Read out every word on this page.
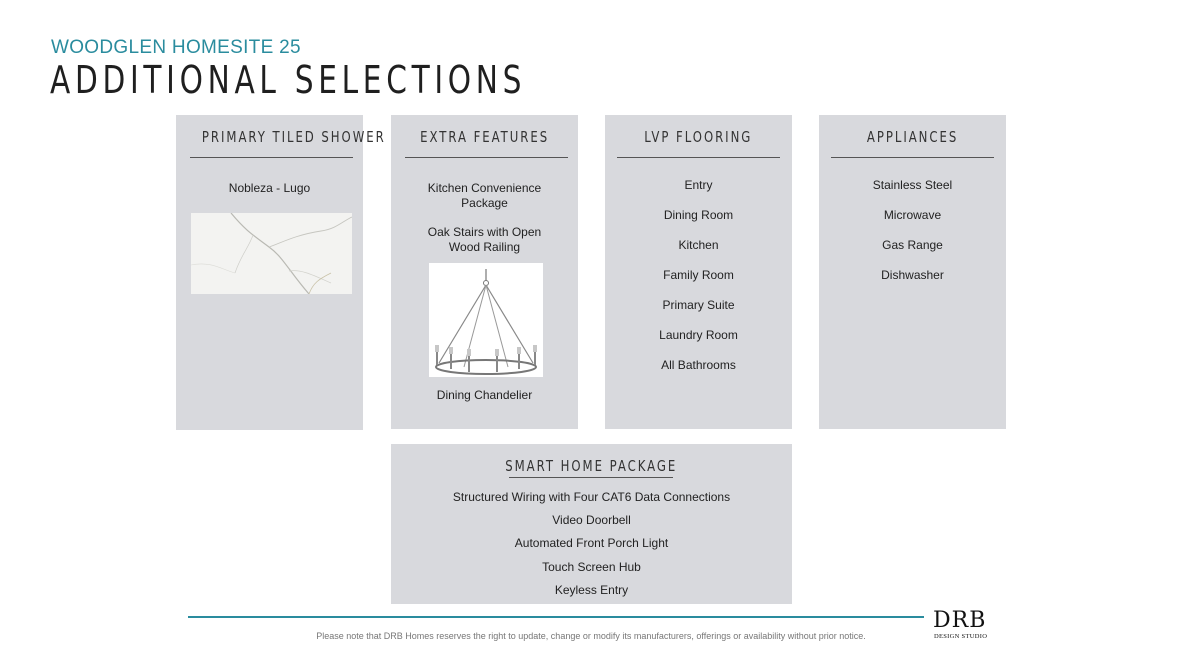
WOODGLEN HOMESITE 25
ADDITIONAL SELECTIONS
PRIMARY TILED SHOWER
Nobleza - Lugo
EXTRA FEATURES
Kitchen Convenience Package
Oak Stairs with Open Wood Railing
Dining Chandelier
LVP FLOORING
Entry
Dining Room
Kitchen
Family Room
Primary Suite
Laundry Room
All Bathrooms
APPLIANCES
Stainless Steel
Microwave
Gas Range
Dishwasher
SMART HOME PACKAGE
Structured Wiring with Four CAT6 Data Connections
Video Doorbell
Automated Front Porch Light
Touch Screen Hub
Keyless Entry
Please note that DRB Homes reserves the right to update, change or modify its manufacturers, offerings or availability without prior notice.
DRB
DESIGN STUDIO
